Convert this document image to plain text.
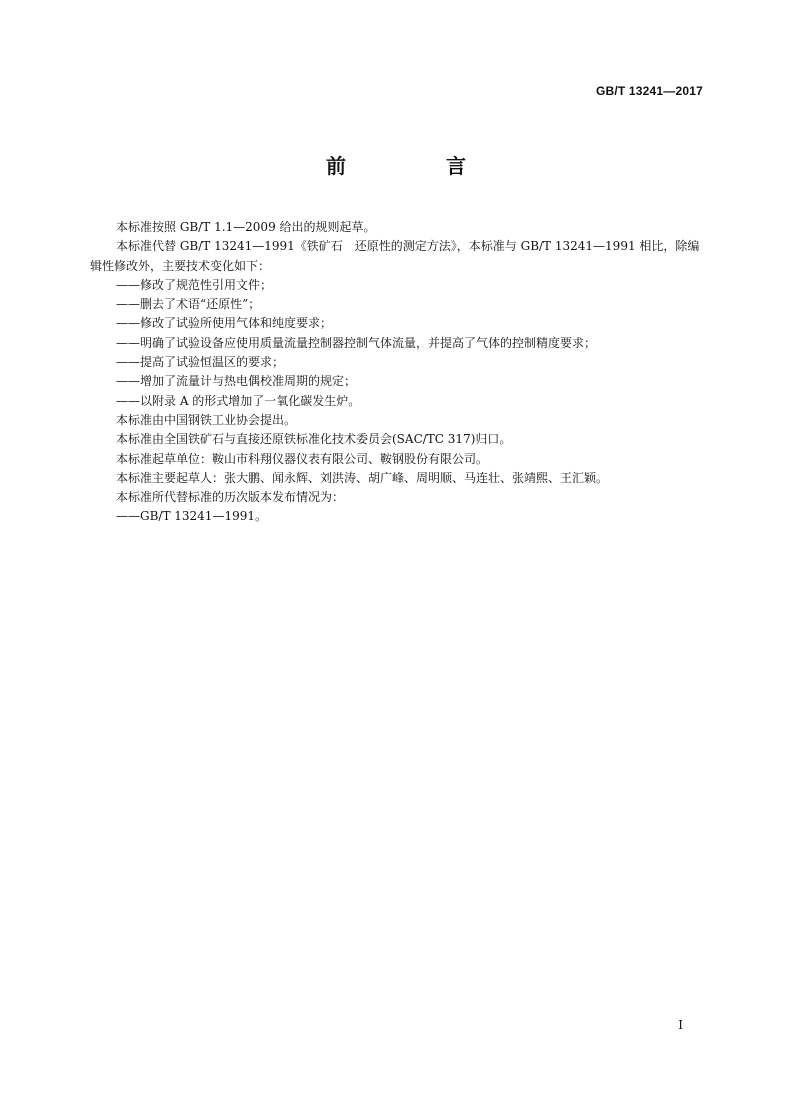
GB/T 13241—2017
前　言

本标准按照 GB/T 1.1—2009 给出的规则起草。

本标准代替 GB/T 13241—1991《铁矿石　还原性的测定方法》，本标准与 GB/T 13241—1991 相比，除编辑性修改外，主要技术变化如下：

——修改了规范性引用文件；

——删去了术语“还原性”；

——修改了试验所使用气体和纯度要求；

——明确了试验设备应使用质量流量控制器控制气体流量，并提高了气体的控制精度要求；

——提高了试验恒温区的要求；

——增加了流量计与热电偶校准周期的规定；

——以附录 A 的形式增加了一氧化碳发生炉。

本标准由中国钢铁工业协会提出。

本标准由全国铁矿石与直接还原铁标准化技术委员会(SAC/TC 317)归口。

本标准起草单位：鞍山市科翔仪器仪表有限公司、鞍钢股份有限公司。

本标准主要起草人：张大鹏、闻永辉、刘洪涛、胡广峰、周明顺、马连壮、张靖熙、王汇颖。

本标准所代替标准的历次版本发布情况为：

——GB/T 13241—1991。

I
